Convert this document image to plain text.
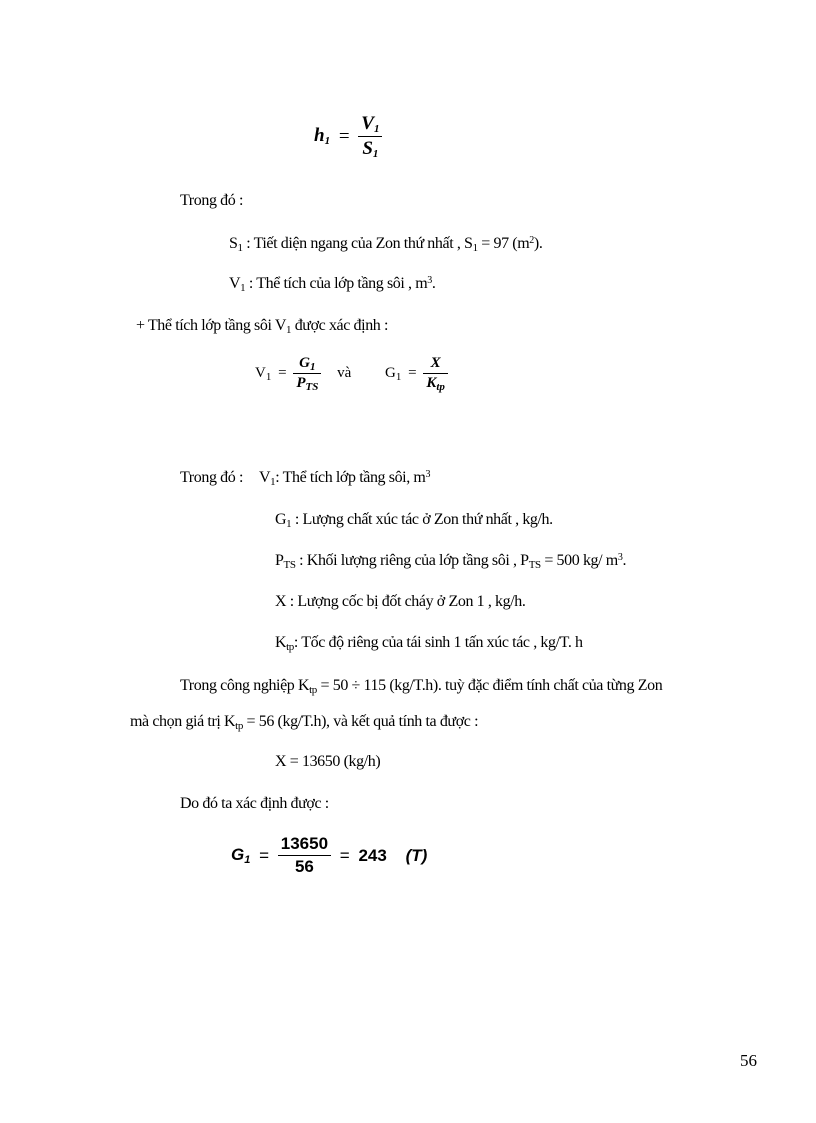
$h_1 = \frac{V_1}{S_1}$
Trong đó :
$S_1$ : Tiết diện ngang của Zon thứ nhất , $S_1 = 97$ $(m^2)$.
$V_1$ : Thể tích của lớp tầng sôi , $m^3$.
+ Thể tích lớp tầng sôi $V_1$ được xác định :
$V_1 = \frac{G_1}{P_{TS}}$ và $G_1 = \frac{X}{K_{tp}}$
Trong đó : $V_1$: Thể tích lớp tầng sôi, $m^3$
$G_1$ : Lượng chất xúc tác ở Zon thứ nhất , kg/h.
$P_{TS}$ : Khối lượng riêng của lớp tầng sôi , $P_{TS} = 500$ kg/ $m^3$.
X : Lượng cốc bị đốt cháy ở Zon 1 , kg/h.
$K_{tp}$: Tốc độ riêng của tái sinh 1 tấn xúc tác , kg/T. h
Trong công nghiệp $K_{tp} = 50 \div 115$ (kg/T.h). tuỳ đặc điểm tính chất của từng Zon
mà chọn giá trị $K_{tp} = 56$ (kg/T.h), và kết quả tính ta được :
X = 13650 (kg/h)
Do đó ta xác định được :
$G_1 = \frac{13650}{56} = 243$ (T)
56
